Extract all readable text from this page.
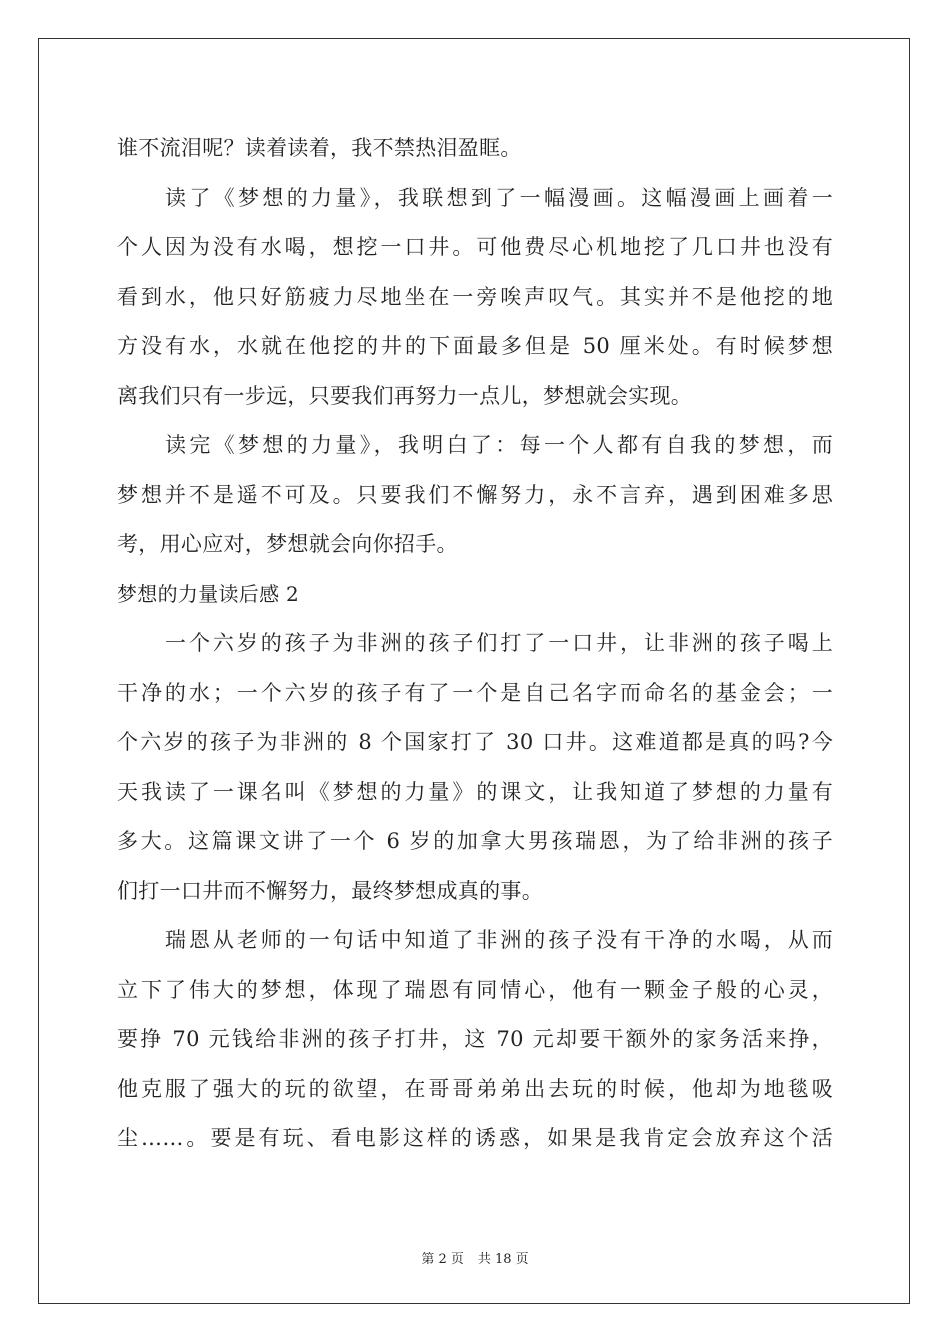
谁不流泪呢？读着读着，我不禁热泪盈眶。
读了《梦想的力量》，我联想到了一幅漫画。这幅漫画上画着一
个人因为没有水喝，想挖一口井。可他费尽心机地挖了几口井也没有
看到水，他只好筋疲力尽地坐在一旁唉声叹气。其实并不是他挖的地
方没有水，水就在他挖的井的下面最多但是 50 厘米处。有时候梦想
离我们只有一步远，只要我们再努力一点儿，梦想就会实现。
读完《梦想的力量》，我明白了：每一个人都有自我的梦想，而
梦想并不是遥不可及。只要我们不懈努力，永不言弃，遇到困难多思
考，用心应对，梦想就会向你招手。
梦想的力量读后感 2
一个六岁的孩子为非洲的孩子们打了一口井，让非洲的孩子喝上
干净的水；一个六岁的孩子有了一个是自己名字而命名的基金会；一
个六岁的孩子为非洲的 8 个国家打了 30 口井。这难道都是真的吗?今
天我读了一课名叫《梦想的力量》的课文，让我知道了梦想的力量有
多大。这篇课文讲了一个 6 岁的加拿大男孩瑞恩，为了给非洲的孩子
们打一口井而不懈努力，最终梦想成真的事。
瑞恩从老师的一句话中知道了非洲的孩子没有干净的水喝，从而
立下了伟大的梦想，体现了瑞恩有同情心，他有一颗金子般的心灵，
要挣 70 元钱给非洲的孩子打井，这 70 元却要干额外的家务活来挣，
他克服了强大的玩的欲望，在哥哥弟弟出去玩的时候，他却为地毯吸
尘……。要是有玩、看电影这样的诱惑，如果是我肯定会放弃这个活
第 2 页 共 18 页
